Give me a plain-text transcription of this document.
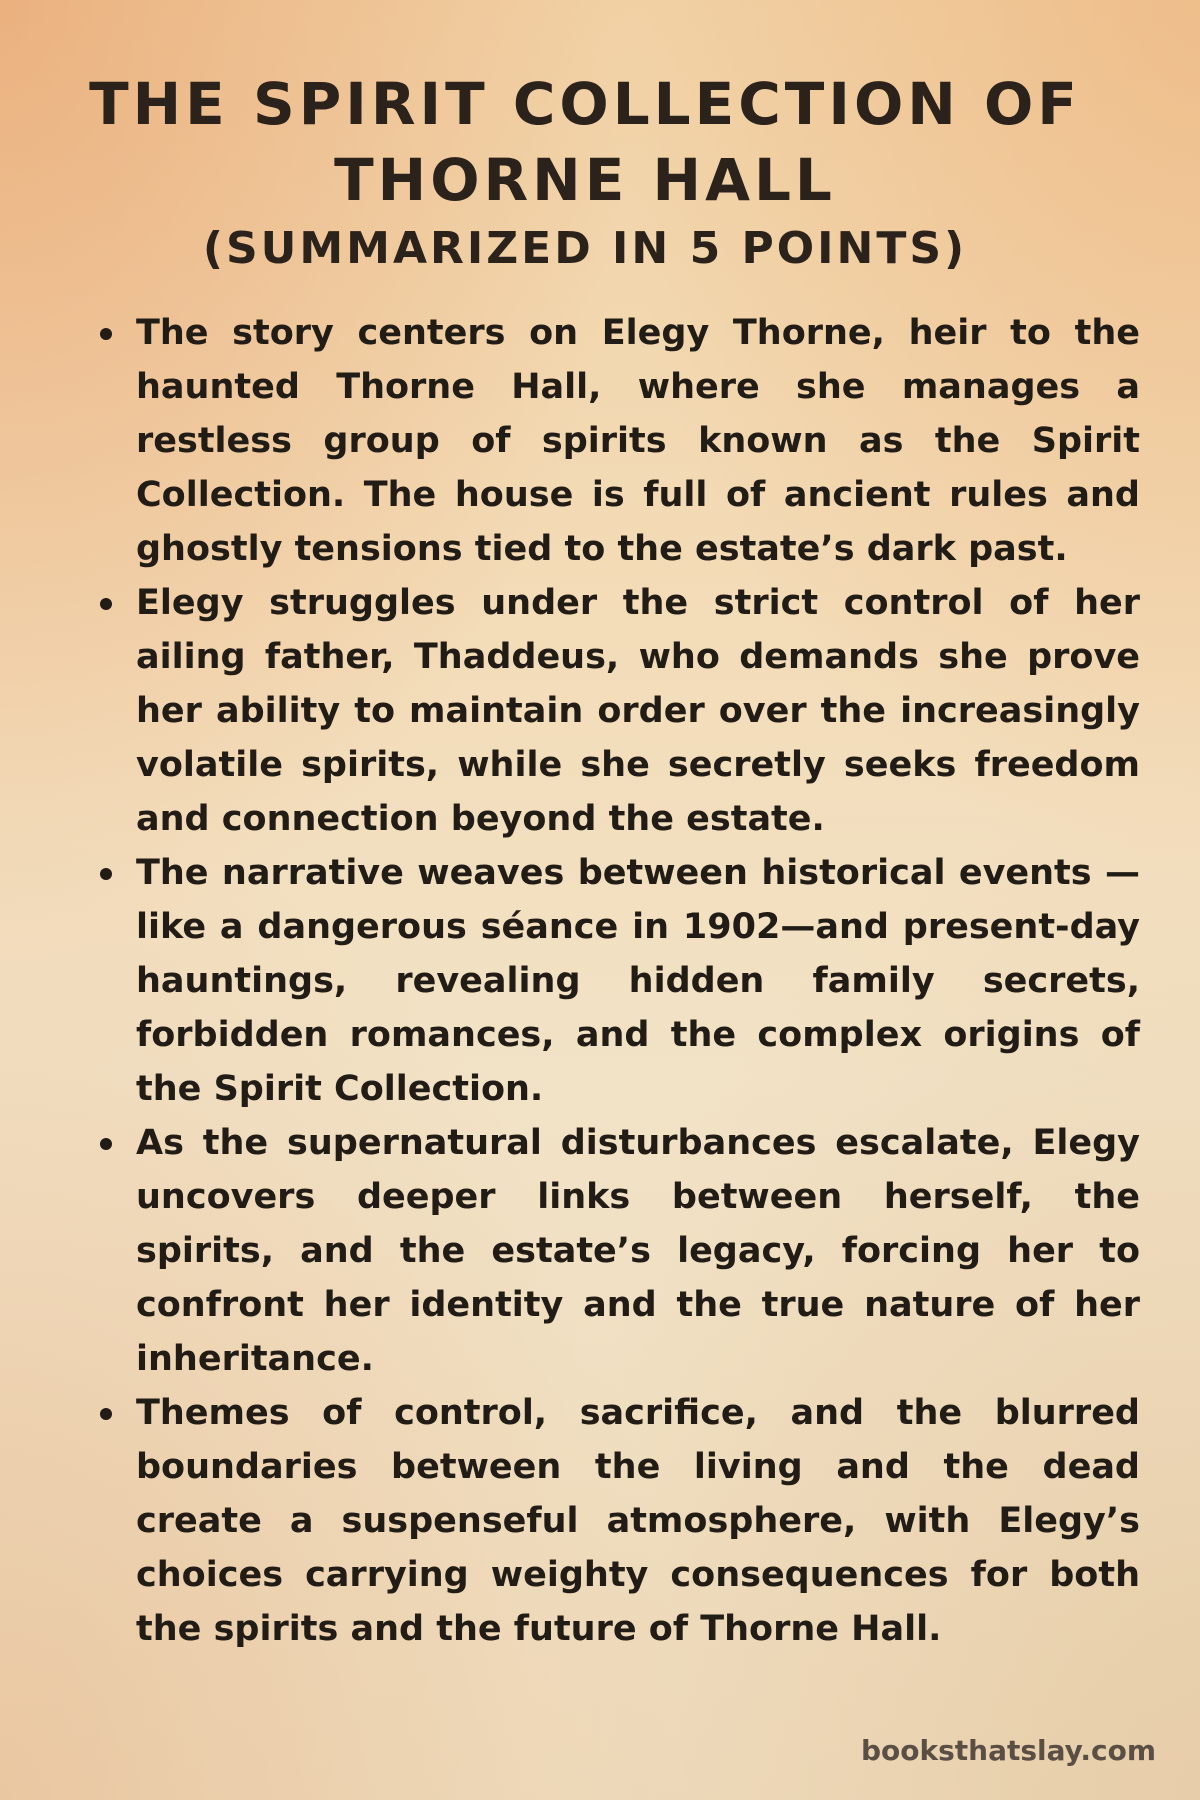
THE SPIRIT COLLECTION OF
THORNE HALL
(SUMMARIZED IN 5 POINTS)
The story centers on Elegy Thorne, heir to the haunted Thorne Hall, where she manages a restless group of spirits known as the Spirit Collection. The house is full of ancient rules and ghostly tensions tied to the estate’s dark past.
Elegy struggles under the strict control of her ailing father, Thaddeus, who demands she prove her ability to maintain order over the increasingly volatile spirits, while she secretly seeks freedom and connection beyond the estate.
The narrative weaves between historical events —like a dangerous séance in 1902—and present-day hauntings, revealing hidden family secrets, forbidden romances, and the complex origins of the Spirit Collection.
As the supernatural disturbances escalate, Elegy uncovers deeper links between herself, the spirits, and the estate’s legacy, forcing her to confront her identity and the true nature of her inheritance.
Themes of control, sacrifice, and the blurred boundaries between the living and the dead create a suspenseful atmosphere, with Elegy’s choices carrying weighty consequences for both the spirits and the future of Thorne Hall.
booksthatslay.com
